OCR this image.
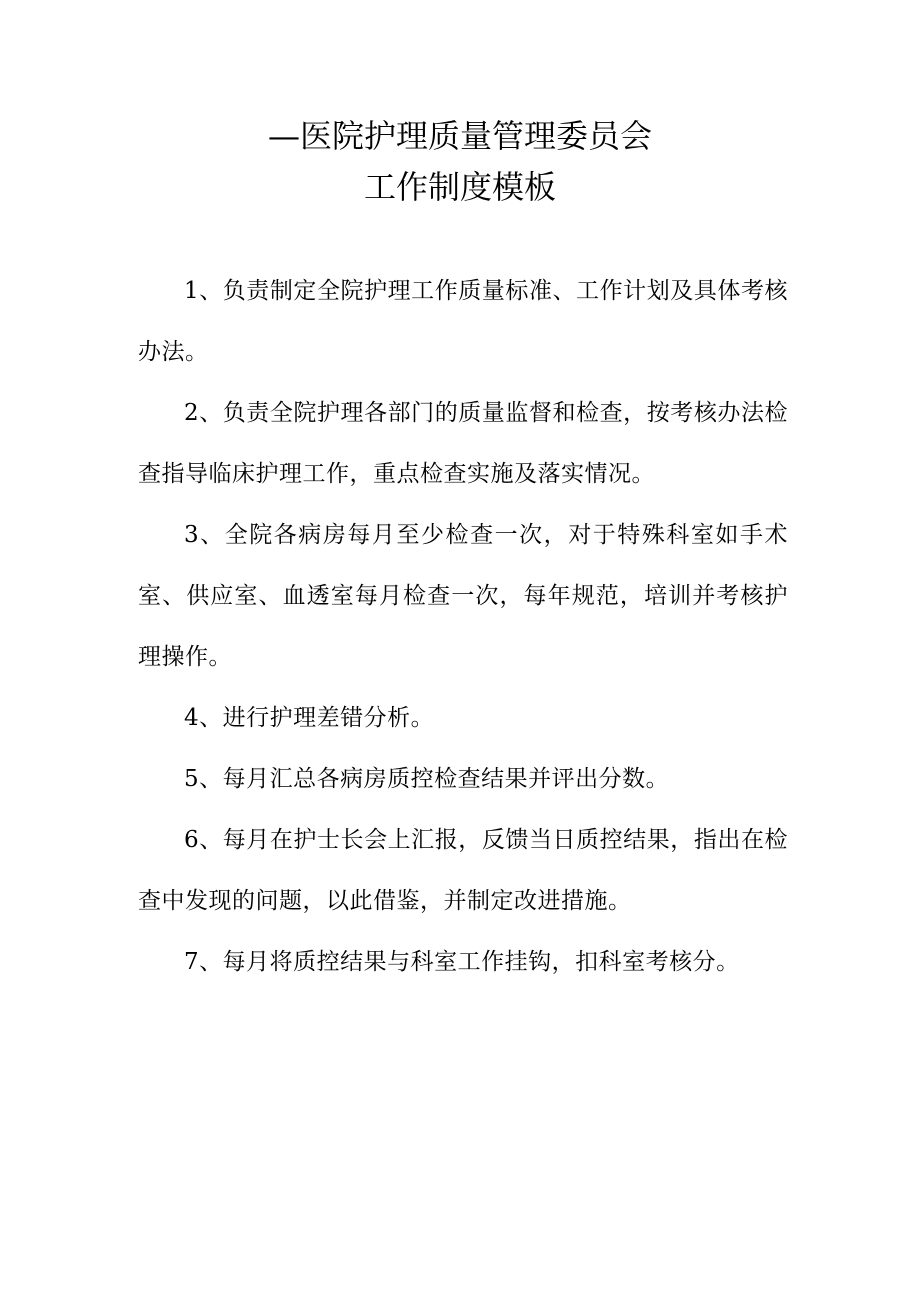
—医院护理质量管理委员会
工作制度模板

1、负责制定全院护理工作质量标准、工作计划及具体考核办法。

2、负责全院护理各部门的质量监督和检查，按考核办法检查指导临床护理工作，重点检查实施及落实情况。

3、全院各病房每月至少检查一次，对于特殊科室如手术室、供应室、血透室每月检查一次，每年规范，培训并考核护理操作。

4、进行护理差错分析。

5、每月汇总各病房质控检查结果并评出分数。

6、每月在护士长会上汇报，反馈当日质控结果，指出在检查中发现的问题，以此借鉴，并制定改进措施。

7、每月将质控结果与科室工作挂钩，扣科室考核分。
